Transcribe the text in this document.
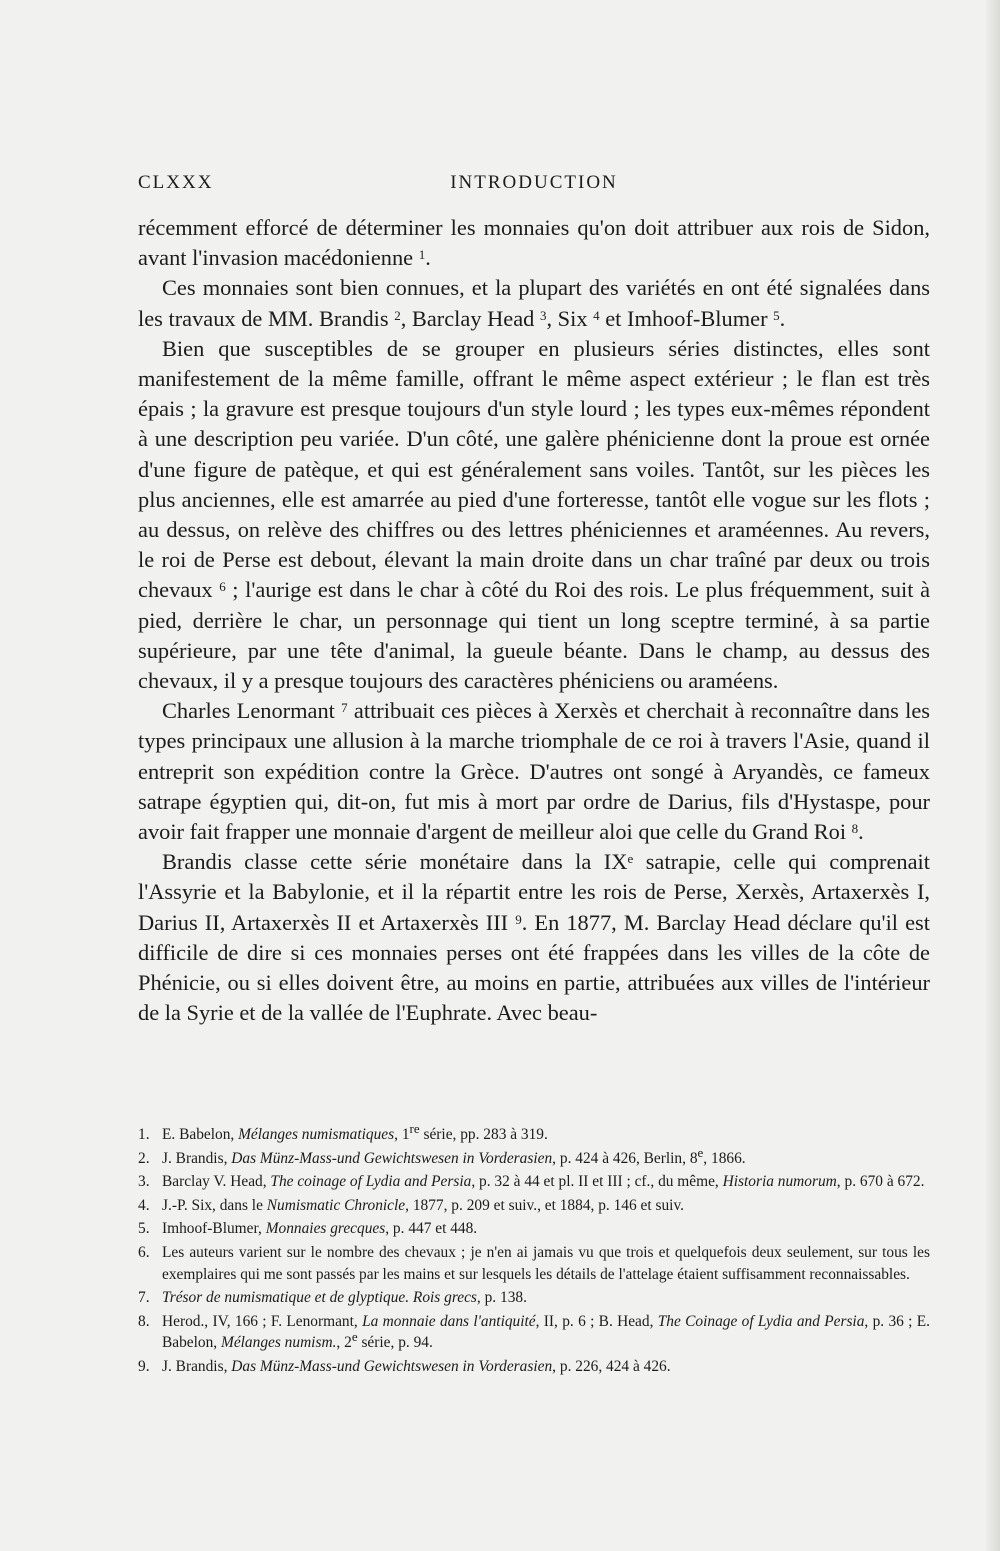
CLXXX	INTRODUCTION

récemment efforcé de déterminer les monnaies qu'on doit attribuer aux rois de Sidon, avant l'invasion macédonienne $^1$.

Ces monnaies sont bien connues, et la plupart des variétés en ont été signalées dans les travaux de MM. Brandis $^2$, Barclay Head $^3$, Six $^4$ et Imhoof-Blumer $^5$.

Bien que susceptibles de se grouper en plusieurs séries distinctes, elles sont manifestement de la même famille, offrant le même aspect extérieur ; le flan est très épais ; la gravure est presque toujours d'un style lourd ; les types eux-mêmes répondent à une description peu variée. D'un côté, une galère phénicienne dont la proue est ornée d'une figure de patèque, et qui est généralement sans voiles. Tantôt, sur les pièces les plus anciennes, elle est amarrée au pied d'une forteresse, tantôt elle vogue sur les flots ; au dessus, on relève des chiffres ou des lettres phéniciennes et araméennes. Au revers, le roi de Perse est debout, élevant la main droite dans un char traîné par deux ou trois chevaux $^6$ ; l'aurige est dans le char à côté du Roi des rois. Le plus fréquemment, suit à pied, derrière le char, un personnage qui tient un long sceptre terminé, à sa partie supérieure, par une tête d'animal, la gueule béante. Dans le champ, au dessus des chevaux, il y a presque toujours des caractères phéniciens ou araméens.

Charles Lenormant $^7$ attribuait ces pièces à Xerxès et cherchait à reconnaître dans les types principaux une allusion à la marche triomphale de ce roi à travers l'Asie, quand il entreprit son expédition contre la Grèce. D'autres ont songé à Aryandès, ce fameux satrape égyptien qui, dit-on, fut mis à mort par ordre de Darius, fils d'Hystaspe, pour avoir fait frapper une monnaie d'argent de meilleur aloi que celle du Grand Roi $^8$.

Brandis classe cette série monétaire dans la IXe satrapie, celle qui comprenait l'Assyrie et la Babylonie, et il la répartit entre les rois de Perse, Xerxès, Artaxerxès I, Darius II, Artaxerxès II et Artaxerxès III $^9$. En 1877, M. Barclay Head déclare qu'il est difficile de dire si ces monnaies perses ont été frappées dans les villes de la côte de Phénicie, ou si elles doivent être, au moins en partie, attribuées aux villes de l'intérieur de la Syrie et de la vallée de l'Euphrate. Avec beau-

1. E. Babelon, Mélanges numismatiques, 1re série, pp. 283 à 319.
2. J. Brandis, Das Münz-Mass-und Gewichtswesen in Vorderasien, p. 424 à 426, Berlin, 8e, 1866.
3. Barclay V. Head, The coinage of Lydia and Persia, p. 32 à 44 et pl. II et III ; cf., du même, Historia numorum, p. 670 à 672.
4. J.-P. Six, dans le Numismatic Chronicle, 1877, p. 209 et suiv., et 1884, p. 146 et suiv.
5. Imhoof-Blumer, Monnaies grecques, p. 447 et 448.
6. Les auteurs varient sur le nombre des chevaux ; je n'en ai jamais vu que trois et quelquefois deux seulement, sur tous les exemplaires qui me sont passés par les mains et sur lesquels les détails de l'attelage étaient suffisamment reconnaissables.
7. Trésor de numismatique et de glyptique. Rois grecs, p. 138.
8. Herod., IV, 166 ; F. Lenormant, La monnaie dans l'antiquité, II, p. 6 ; B. Head, The Coinage of Lydia and Persia, p. 36 ; E. Babelon, Mélanges numism., 2e série, p. 94.
9. J. Brandis, Das Münz-Mass-und Gewichtswesen in Vorderasien, p. 226, 424 à 426.
